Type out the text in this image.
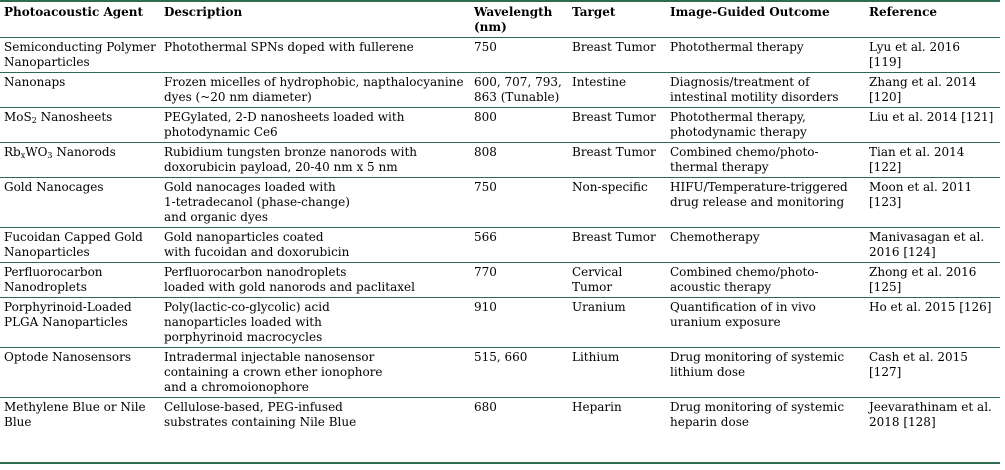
Photoacoustic Agent	Description	Wavelength (nm)	Target	Image-Guided Outcome	Reference
Semiconducting Polymer Nanoparticles	Photothermal SPNs doped with fullerene	750	Breast Tumor	Photothermal therapy	Lyu et al. 2016 [119]
Nanonaps	Frozen micelles of hydrophobic, napthalocyanine dyes (~20 nm diameter)	600, 707, 793, 863 (Tunable)	Intestine	Diagnosis/treatment of intestinal motility disorders	Zhang et al. 2014 [120]
MoS$_2$ Nanosheets	PEGylated, 2-D nanosheets loaded with photodynamic Ce6	800	Breast Tumor	Photothermal therapy, photodynamic therapy	Liu et al. 2014 [121]
$Rb_xWO_3$ Nanorods	Rubidium tungsten bronze nanorods with doxorubicin payload, 20-40 nm x 5 nm	808	Breast Tumor	Combined chemo/photo-thermal therapy	Tian et al. 2014 [122]
Gold Nanocages	Gold nanocages loaded with
1-tetradecanol (phase-change)
and organic dyes	750	Non-specific	HIFU/Temperature-triggered drug release and monitoring	Moon et al. 2011 [123]
Fucoidan Capped Gold Nanoparticles	Gold nanoparticles coated
with fucoidan and doxorubicin	566	Breast Tumor	Chemotherapy	Manivasagan et al. 2016 [124]
Perfluorocarbon Nanodroplets	Perfluorocarbon nanodroplets
loaded with gold nanorods and paclitaxel	770	Cervical Tumor	Combined chemo/photo-acoustic therapy	Zhong et al. 2016 [125]
Porphyrinoid-Loaded PLGA Nanoparticles	Poly(lactic-co-glycolic) acid
nanoparticles loaded with
porphyrinoid macrocycles	910	Uranium	Quantification of in vivo uranium exposure	Ho et al. 2015 [126]
Optode Nanosensors	Intradermal injectable nanosensor
containing a crown ether ionophore
and a chromoionophore	515, 660	Lithium	Drug monitoring of systemic lithium dose	Cash et al. 2015 [127]
Methylene Blue or Nile Blue	Cellulose-based, PEG-infused
substrates containing Nile Blue	680	Heparin	Drug monitoring of systemic heparin dose	Jeevarathinam et al. 2018 [128]
